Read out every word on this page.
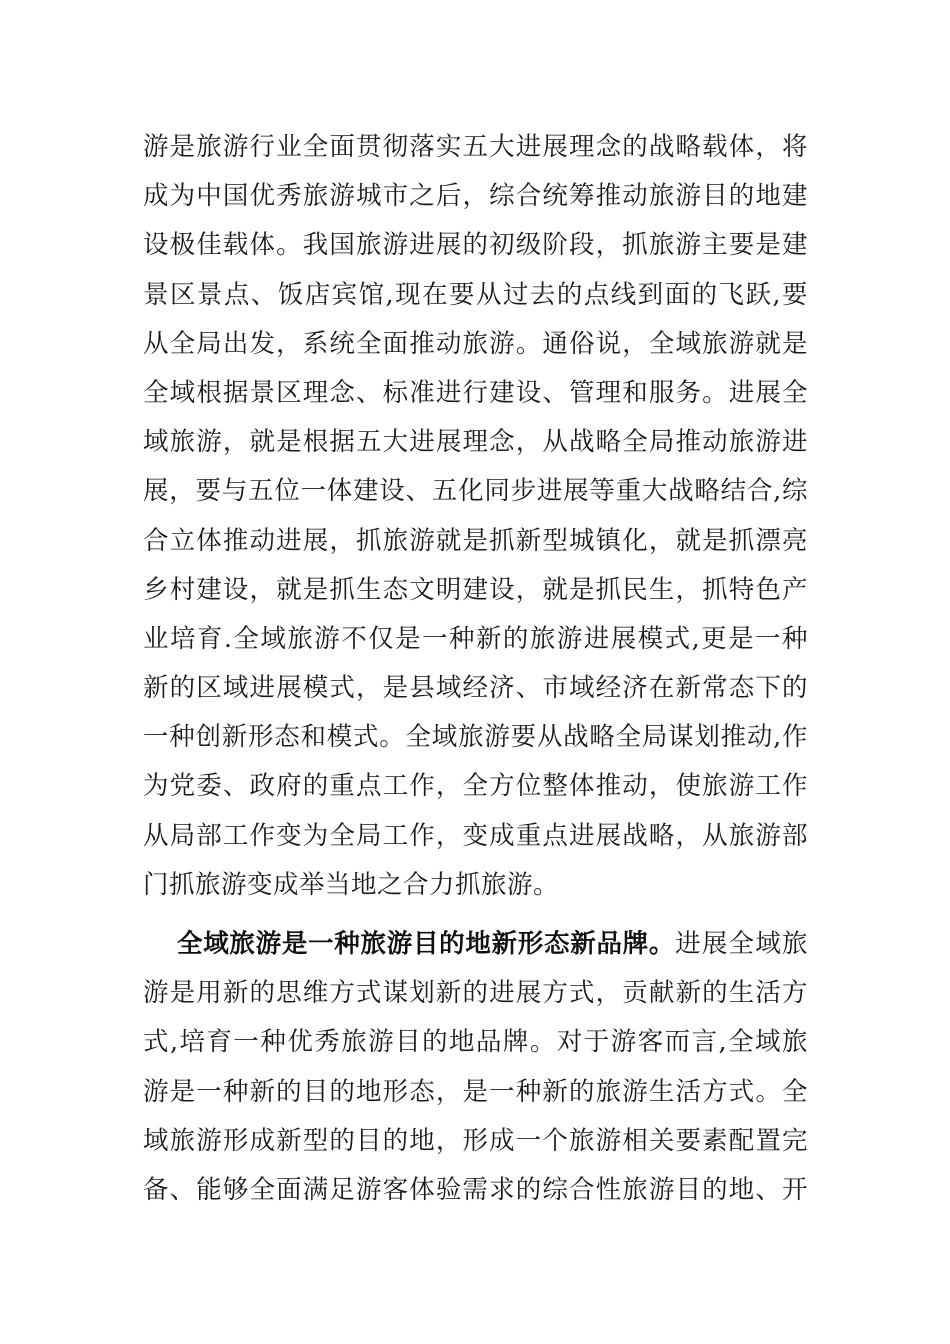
游是旅游行业全面贯彻落实五大进展理念的战略载体，将
成为中国优秀旅游城市之后，综合统筹推动旅游目的地建
设极佳载体。我国旅游进展的初级阶段，抓旅游主要是建
景区景点、饭店宾馆,现在要从过去的点线到面的飞跃,要
从全局出发，系统全面推动旅游。通俗说，全域旅游就是
全域根据景区理念、标准进行建设、管理和服务。进展全
域旅游，就是根据五大进展理念，从战略全局推动旅游进
展，要与五位一体建设、五化同步进展等重大战略结合,综
合立体推动进展，抓旅游就是抓新型城镇化，就是抓漂亮
乡村建设，就是抓生态文明建设，就是抓民生，抓特色产
业培育.全域旅游不仅是一种新的旅游进展模式,更是一种
新的区域进展模式，是县域经济、市域经济在新常态下的
一种创新形态和模式。全域旅游要从战略全局谋划推动,作
为党委、政府的重点工作，全方位整体推动，使旅游工作
从局部工作变为全局工作，变成重点进展战略，从旅游部
门抓旅游变成举当地之合力抓旅游。
全域旅游是一种旅游目的地新形态新品牌。进展全域旅
游是用新的思维方式谋划新的进展方式，贡献新的生活方
式,培育一种优秀旅游目的地品牌。对于游客而言,全域旅
游是一种新的目的地形态，是一种新的旅游生活方式。全
域旅游形成新型的目的地，形成一个旅游相关要素配置完
备、能够全面满足游客体验需求的综合性旅游目的地、开
